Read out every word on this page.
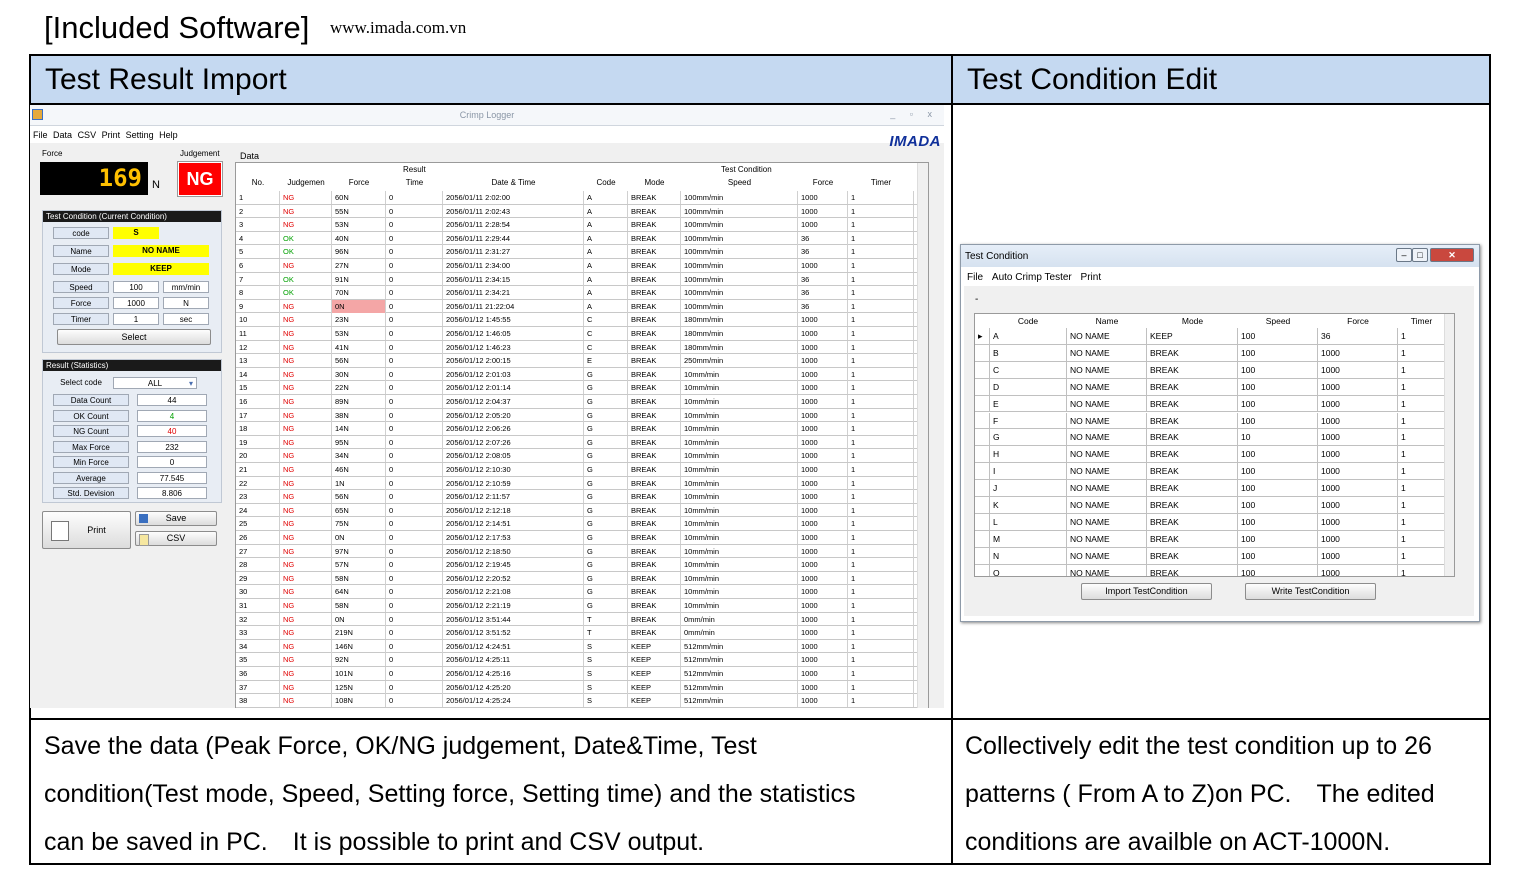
[Included Software] www.imada.com.vn
Test Result Import	Test Condition Edit
Save the data (Peak Force, OK/NG judgement, Date&Time, Test
condition(Test mode, Speed, Setting force, Setting time) and the statistics
can be saved in PC.　It is possible to print and CSV output.
Collectively edit the test condition up to 26
patterns ( From A to Z)on PC.　The edited
conditions are availble on ACT-1000N.
Crimp Logger	_ ▫ x
File Data CSV Print Setting Help	IMADA
Force	Judgement Data
169 N	NG
Test Condition (Current Condition)
code	S
Name	NO NAME
Mode	KEEP
Speed	100	mm/min
Force	1000	N
Timer	1	sec
Select
Result (Statistics)
Select code	ALL	▾
Data Count	44
OK Count	4
NG Count	40
Max Force	232
Min Force	0
Average	77.545
Std. Devision	8.806
Print
Save
CSV
Result	Test Condition
No.	Judgemen	Force	Time	Date & Time	Code	Mode	Speed	Force	Timer
1	NG	60N	0	2056/01/11 2:02:00	A	BREAK	100mm/min	1000	1
2	NG	55N	0	2056/01/11 2:02:43	A	BREAK	100mm/min	1000	1
3	NG	53N	0	2056/01/11 2:28:54	A	BREAK	100mm/min	1000	1
4	OK	40N	0	2056/01/11 2:29:44	A	BREAK	100mm/min	36	1
5	OK	96N	0	2056/01/11 2:31:27	A	BREAK	100mm/min	36	1
6	NG	27N	0	2056/01/11 2:34:00	A	BREAK	100mm/min	1000	1
7	OK	91N	0	2056/01/11 2:34:15	A	BREAK	100mm/min	36	1
8	OK	70N	0	2056/01/11 2:34:21	A	BREAK	100mm/min	36	1
9	NG	0N	0	2056/01/11 21:22:04	A	BREAK	100mm/min	36	1
10	NG	23N	0	2056/01/12 1:45:55	C	BREAK	180mm/min	1000	1
11	NG	53N	0	2056/01/12 1:46:05	C	BREAK	180mm/min	1000	1
12	NG	41N	0	2056/01/12 1:46:23	C	BREAK	180mm/min	1000	1
13	NG	56N	0	2056/01/12 2:00:15	E	BREAK	250mm/min	1000	1
14	NG	30N	0	2056/01/12 2:01:03	G	BREAK	10mm/min	1000	1
15	NG	22N	0	2056/01/12 2:01:14	G	BREAK	10mm/min	1000	1
16	NG	89N	0	2056/01/12 2:04:37	G	BREAK	10mm/min	1000	1
17	NG	38N	0	2056/01/12 2:05:20	G	BREAK	10mm/min	1000	1
18	NG	14N	0	2056/01/12 2:06:26	G	BREAK	10mm/min	1000	1
19	NG	95N	0	2056/01/12 2:07:26	G	BREAK	10mm/min	1000	1
20	NG	34N	0	2056/01/12 2:08:05	G	BREAK	10mm/min	1000	1
21	NG	46N	0	2056/01/12 2:10:30	G	BREAK	10mm/min	1000	1
22	NG	1N	0	2056/01/12 2:10:59	G	BREAK	10mm/min	1000	1
23	NG	56N	0	2056/01/12 2:11:57	G	BREAK	10mm/min	1000	1
24	NG	65N	0	2056/01/12 2:12:18	G	BREAK	10mm/min	1000	1
25	NG	75N	0	2056/01/12 2:14:51	G	BREAK	10mm/min	1000	1
26	NG	0N	0	2056/01/12 2:17:53	G	BREAK	10mm/min	1000	1
27	NG	97N	0	2056/01/12 2:18:50	G	BREAK	10mm/min	1000	1
28	NG	57N	0	2056/01/12 2:19:45	G	BREAK	10mm/min	1000	1
29	NG	58N	0	2056/01/12 2:20:52	G	BREAK	10mm/min	1000	1
30	NG	64N	0	2056/01/12 2:21:08	G	BREAK	10mm/min	1000	1
31	NG	58N	0	2056/01/12 2:21:19	G	BREAK	10mm/min	1000	1
32	NG	0N	0	2056/01/12 3:51:44	T	BREAK	0mm/min	1000	1
33	NG	219N	0	2056/01/12 3:51:52	T	BREAK	0mm/min	1000	1
34	NG	146N	0	2056/01/12 4:24:51	S	KEEP	512mm/min	1000	1
35	NG	92N	0	2056/01/12 4:25:11	S	KEEP	512mm/min	1000	1
36	NG	101N	0	2056/01/12 4:25:16	S	KEEP	512mm/min	1000	1
37	NG	125N	0	2056/01/12 4:25:20	S	KEEP	512mm/min	1000	1
38	NG	108N	0	2056/01/12 4:25:24	S	KEEP	512mm/min	1000	1
Test Condition	–	□	✕
File Auto Crimp Tester Print
-
Code	Name	Mode	Speed	Force	Timer
▸	A	NO NAME	KEEP	100	36	1
B	NO NAME	BREAK	100	1000	1
C	NO NAME	BREAK	100	1000	1
D	NO NAME	BREAK	100	1000	1
E	NO NAME	BREAK	100	1000	1
F	NO NAME	BREAK	100	1000	1
G	NO NAME	BREAK	10	1000	1
H	NO NAME	BREAK	100	1000	1
I	NO NAME	BREAK	100	1000	1
J	NO NAME	BREAK	100	1000	1
K	NO NAME	BREAK	100	1000	1
L	NO NAME	BREAK	100	1000	1
M	NO NAME	BREAK	100	1000	1
N	NO NAME	BREAK	100	1000	1
O	NO NAME	BREAK	100	1000	1
Import TestCondition	Write TestCondition
